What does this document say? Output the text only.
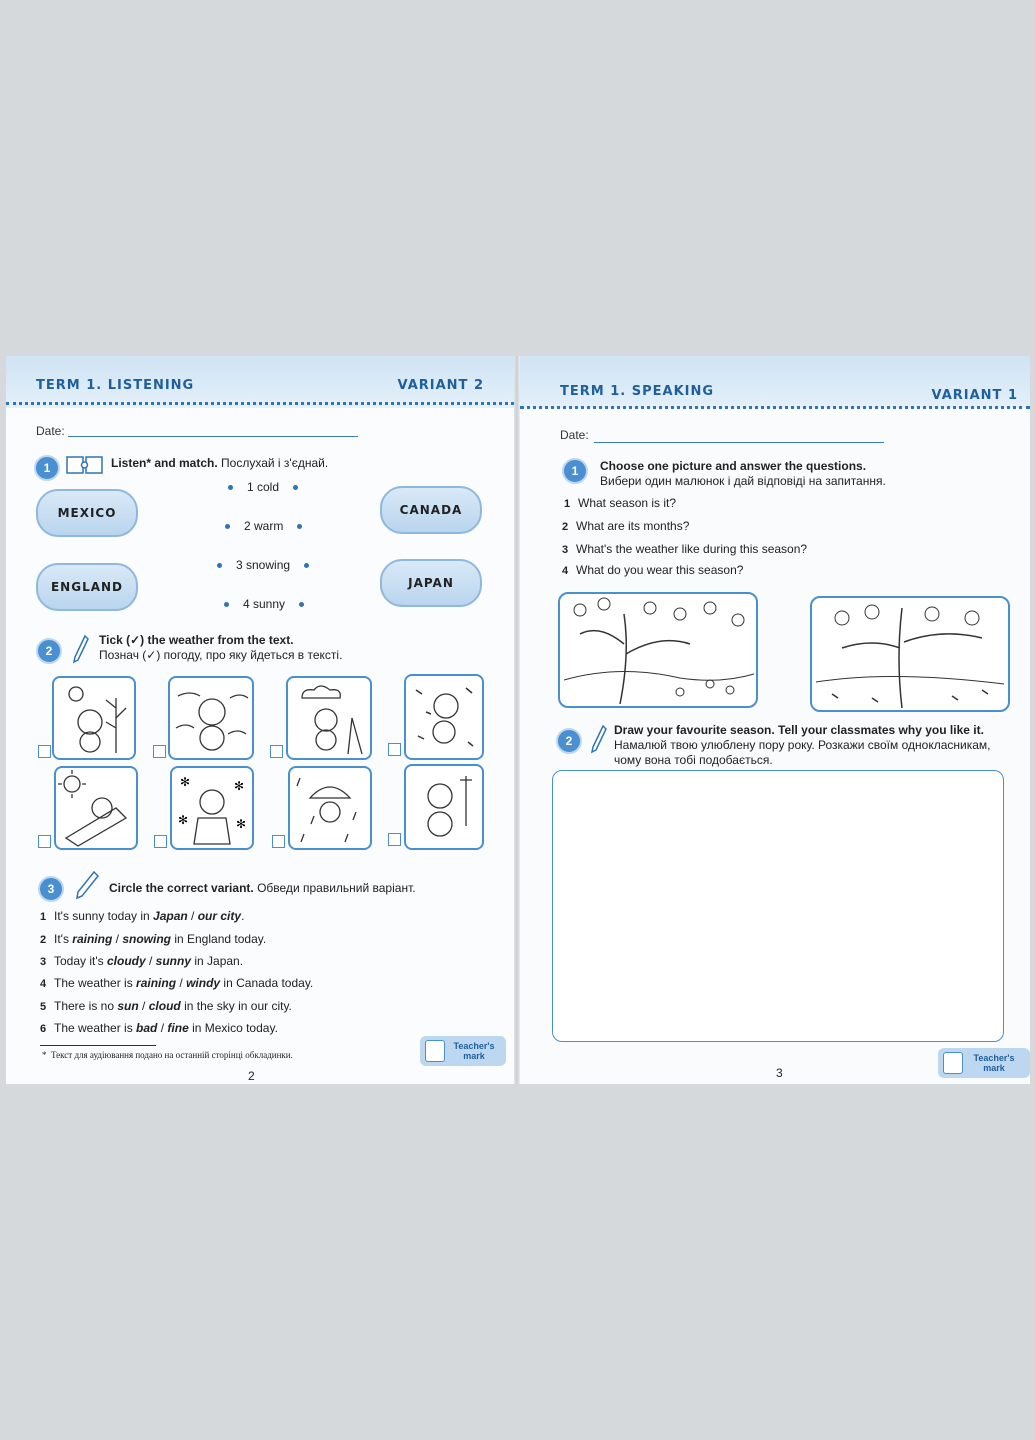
TERM 1. LISTENING	VARIANT 2
Date:
1	Listen* and match. Послухай і з'єднай.
MEXICO	CANADA
ENGLAND	JAPAN
1 cold
2 warm
3 snowing
4 sunny
2
Tick (✓) the weather from the text.
Познач (✓) погоду, про яку йдеться в тексті.
✻	✻
✻	✻
3	Circle the correct variant. Обведи правильний варіант.
1 It's sunny today in Japan / our city.
2 It's raining / snowing in England today.
3 Today it's cloudy / sunny in Japan.
4 The weather is raining / windy in Canada today.
5 There is no sun / cloud in the sky in our city.
6 The weather is bad / fine in Mexico today.
* Текст для аудіювання подано на останній сторінці обкладинки.
Teacher's mark
2
TERM 1. SPEAKING	VARIANT 1
Date:
1	Choose one picture and answer the questions.
Вибери один малюнок і дай відповіді на запитання.
1 What season is it?
2 What are its months?
3 What's the weather like during this season?
4 What do you wear this season?
2
Draw your favourite season. Tell your classmates why you like it.
Намалюй твою улюблену пору року. Розкажи своїм однокласникам, чому вона тобі подобається.
3
Teacher's mark
